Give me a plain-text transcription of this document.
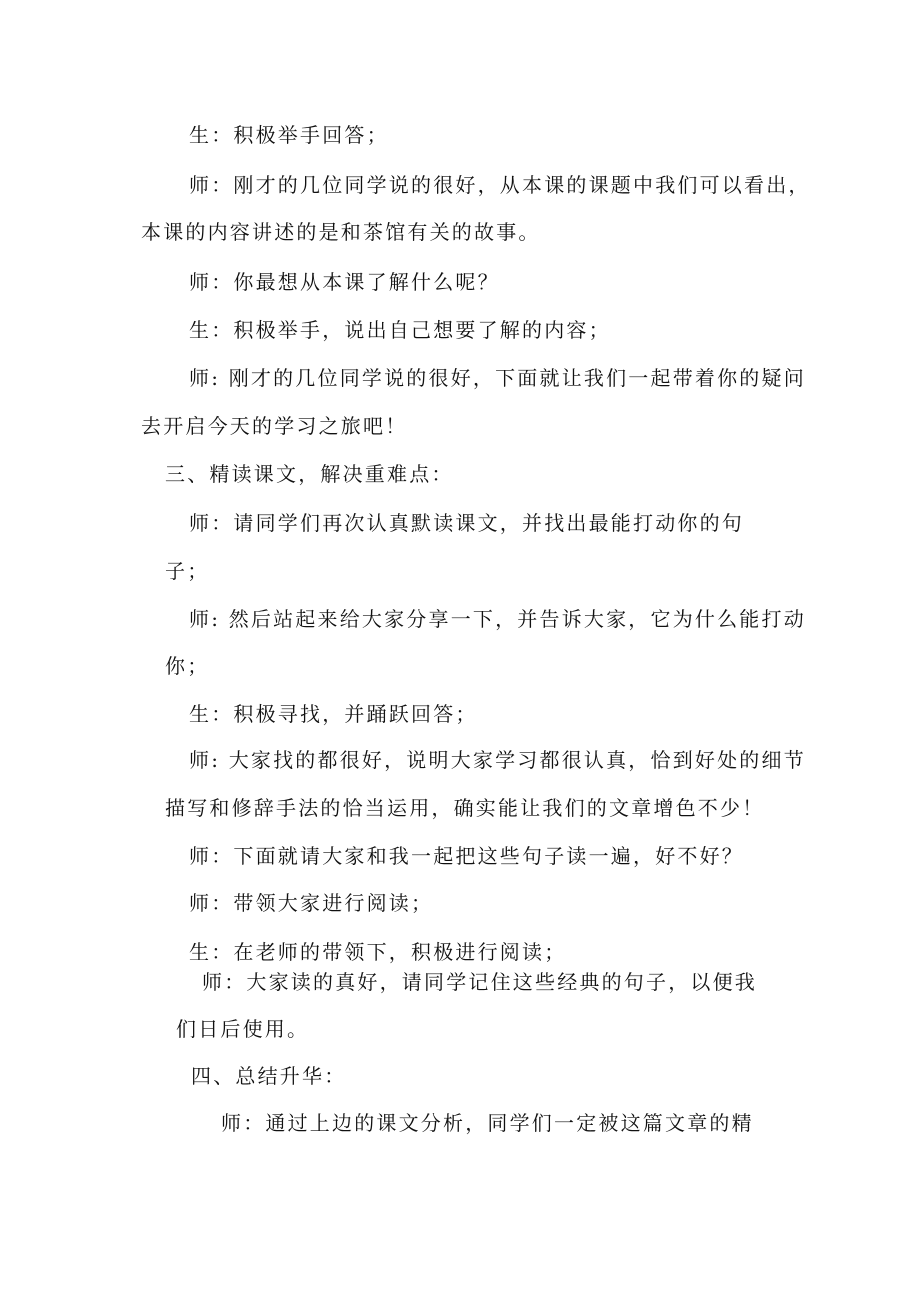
生：积极举手回答；
师：刚才的几位同学说的很好，从本课的课题中我们可以看出，
本课的内容讲述的是和茶馆有关的故事。
师：你最想从本课了解什么呢？
生：积极举手，说出自己想要了解的内容；
师: 刚才的几位同学说的很好，下面就让我们一起带着你的疑问
去开启今天的学习之旅吧！
三、精读课文，解决重难点：
师：请同学们再次认真默读课文，并找出最能打动你的句
子；
师: 然后站起来给大家分享一下，并告诉大家，它为什么能打动
你；
生：积极寻找，并踊跃回答；
师: 大家找的都很好，说明大家学习都很认真，恰到好处的细节
描写和修辞手法的恰当运用，确实能让我们的文章增色不少！
师：下面就请大家和我一起把这些句子读一遍，好不好？
师：带领大家进行阅读；
生：在老师的带领下，积极进行阅读；
师：大家读的真好，请同学记住这些经典的句子，以便我
们日后使用。
四、总结升华：
师：通过上边的课文分析，同学们一定被这篇文章的精
